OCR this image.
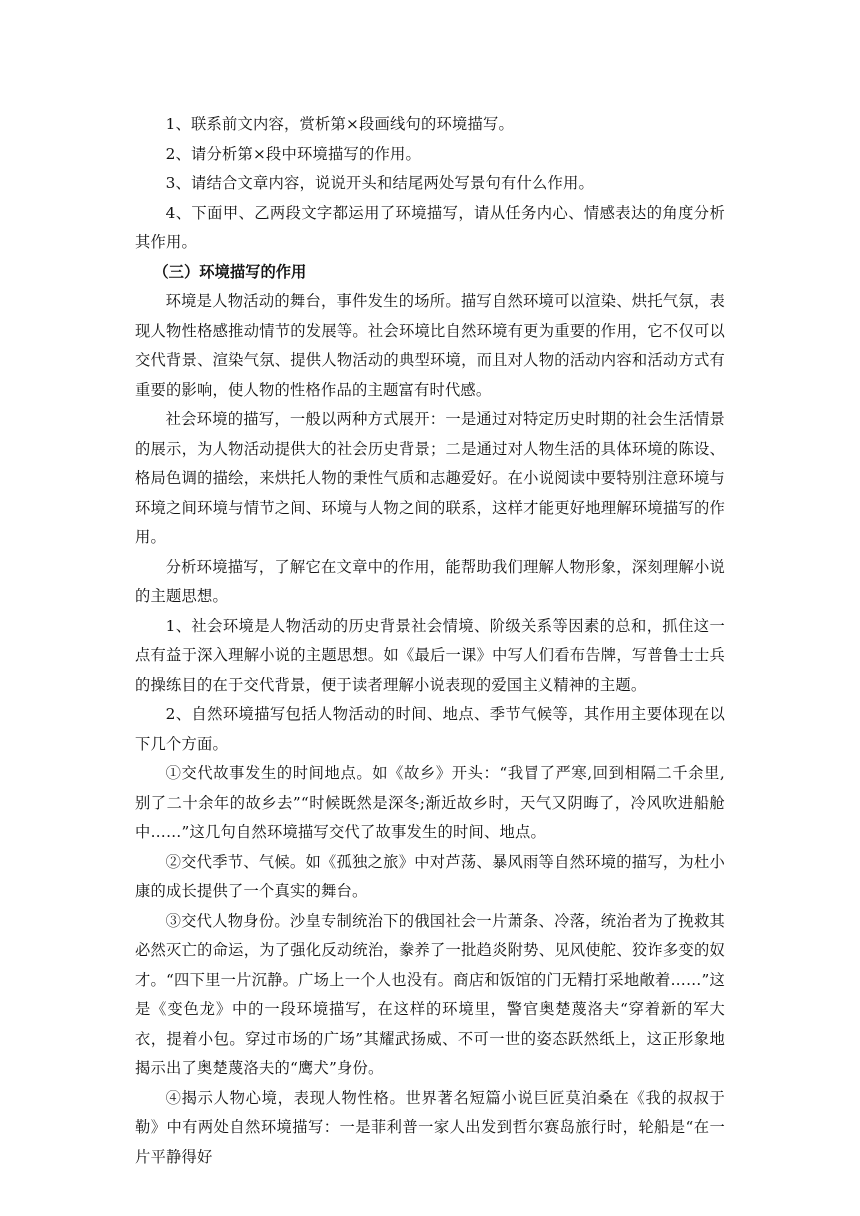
1、联系前文内容，赏析第×段画线句的环境描写。

2、请分析第×段中环境描写的作用。

3、请结合文章内容，说说开头和结尾两处写景句有什么作用。

4、下面甲、乙两段文字都运用了环境描写，请从任务内心、情感表达的角度分析其作用。

（三）环境描写的作用

环境是人物活动的舞台，事件发生的场所。描写自然环境可以渲染、烘托气氛，表现人物性格感推动情节的发展等。社会环境比自然环境有更为重要的作用，它不仅可以交代背景、渲染气氛、提供人物活动的典型环境，而且对人物的活动内容和活动方式有重要的影响，使人物的性格作品的主题富有时代感。

社会环境的描写，一般以两种方式展开：一是通过对特定历史时期的社会生活情景的展示，为人物活动提供大的社会历史背景；二是通过对人物生活的具体环境的陈设、格局色调的描绘，来烘托人物的秉性气质和志趣爱好。在小说阅读中要特别注意环境与环境之间环境与情节之间、环境与人物之间的联系，这样才能更好地理解环境描写的作用。

分析环境描写，了解它在文章中的作用，能帮助我们理解人物形象，深刻理解小说的主题思想。

1、社会环境是人物活动的历史背景社会情境、阶级关系等因素的总和，抓住这一点有益于深入理解小说的主题思想。如《最后一课》中写人们看布告牌，写普鲁士士兵的操练目的在于交代背景，便于读者理解小说表现的爱国主义精神的主题。

2、自然环境描写包括人物活动的时间、地点、季节气候等，其作用主要体现在以下几个方面。

①交代故事发生的时间地点。如《故乡》开头：“我冒了严寒,回到相隔二千余里,别了二十余年的故乡去”“时候既然是深冬;渐近故乡时，天气又阴晦了，冷风吹进船舱中……”这几句自然环境描写交代了故事发生的时间、地点。

②交代季节、气候。如《孤独之旅》中对芦荡、暴风雨等自然环境的描写，为杜小康的成长提供了一个真实的舞台。

③交代人物身份。沙皇专制统治下的俄国社会一片萧条、冷落，统治者为了挽救其必然灭亡的命运，为了强化反动统治，豢养了一批趋炎附势、见风使舵、狡诈多变的奴才。“四下里一片沉静。广场上一个人也没有。商店和饭馆的门无精打采地敞着……”这是《变色龙》中的一段环境描写，在这样的环境里，警官奥楚蔑洛夫“穿着新的军大衣，提着小包。穿过市场的广场”其耀武扬威、不可一世的姿态跃然纸上，这正形象地揭示出了奥楚蔑洛夫的“鹰犬”身份。

④揭示人物心境，表现人物性格。世界著名短篇小说巨匠莫泊桑在《我的叔叔于勒》中有两处自然环境描写：一是菲利普一家人出发到哲尔赛岛旅行时，轮船是“在一片平静得好
